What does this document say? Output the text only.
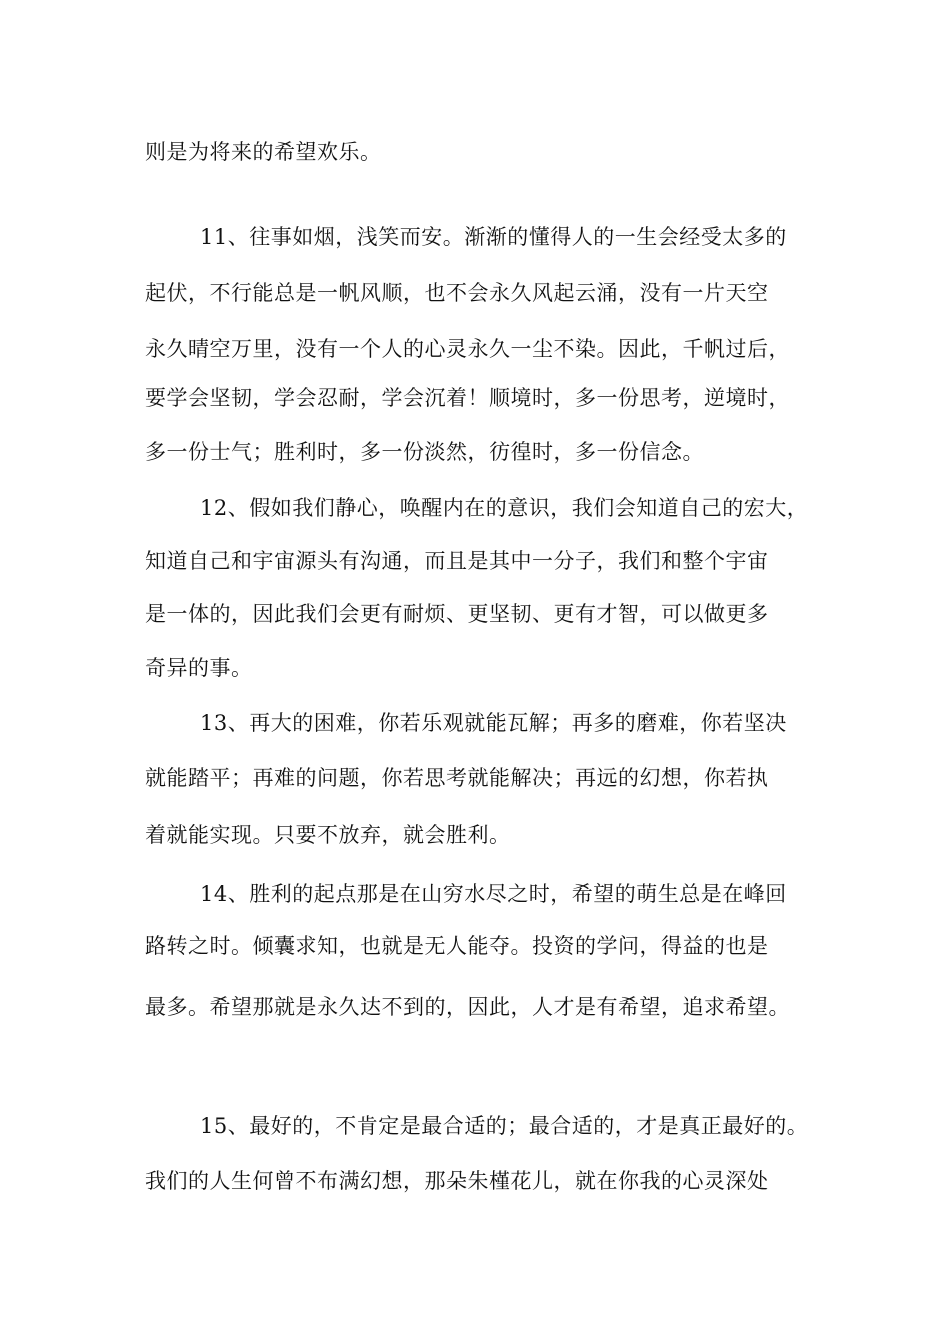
则是为将来的希望欢乐。
11、往事如烟，浅笑而安。渐渐的懂得人的一生会经受太多的
起伏，不行能总是一帆风顺，也不会永久风起云涌，没有一片天空
永久晴空万里，没有一个人的心灵永久一尘不染。因此，千帆过后，
要学会坚韧，学会忍耐，学会沉着！顺境时，多一份思考，逆境时，
多一份士气；胜利时，多一份淡然，彷徨时，多一份信念。
12、假如我们静心，唤醒内在的意识，我们会知道自己的宏大，
知道自己和宇宙源头有沟通，而且是其中一分子，我们和整个宇宙
是一体的，因此我们会更有耐烦、更坚韧、更有才智，可以做更多
奇异的事。
13、再大的困难，你若乐观就能瓦解；再多的磨难，你若坚决
就能踏平；再难的问题，你若思考就能解决；再远的幻想，你若执
着就能实现。只要不放弃，就会胜利。
14、胜利的起点那是在山穷水尽之时，希望的萌生总是在峰回
路转之时。倾囊求知，也就是无人能夺。投资的学问，得益的也是
最多。希望那就是永久达不到的，因此，人才是有希望，追求希望。
15、最好的，不肯定是最合适的；最合适的，才是真正最好的。
我们的人生何曾不布满幻想，那朵朱槿花儿，就在你我的心灵深处
